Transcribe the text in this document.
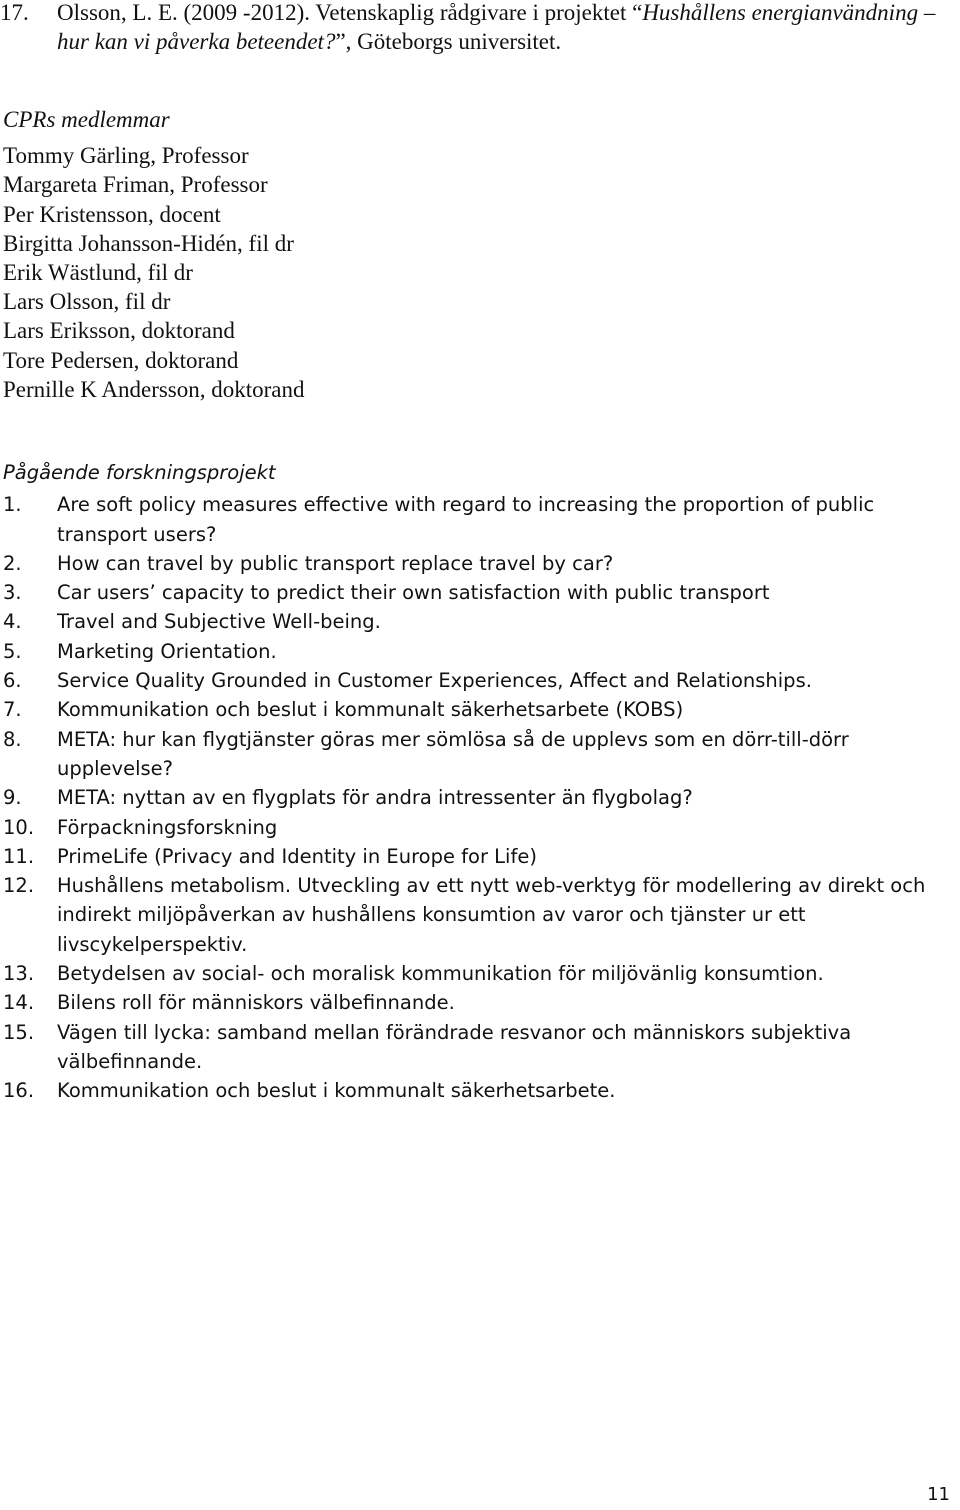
17. Olsson, L. E. (2009 -2012). Vetenskaplig rådgivare i projektet “Hushållens energianvändning – hur kan vi påverka beteendet?”, Göteborgs universitet.
CPRs medlemmar
Tommy Gärling, Professor
Margareta Friman, Professor
Per Kristensson, docent
Birgitta Johansson-Hidén, fil dr
Erik Wästlund, fil dr
Lars Olsson, fil dr
Lars Eriksson, doktorand
Tore Pedersen, doktorand
Pernille K Andersson, doktorand
Pågående forskningsprojekt
1. Are soft policy measures effective with regard to increasing the proportion of public transport users?
2. How can travel by public transport replace travel by car?
3. Car users’ capacity to predict their own satisfaction with public transport
4. Travel and Subjective Well-being.
5. Marketing Orientation.
6. Service Quality Grounded in Customer Experiences, Affect and Relationships.
7. Kommunikation och beslut i kommunalt säkerhetsarbete (KOBS)
8. META: hur kan flygtjänster göras mer sömlösa så de upplevs som en dörr-till-dörr upplevelse?
9. META: nyttan av en flygplats för andra intressenter än flygbolag?
10. Förpackningsforskning
11. PrimeLife (Privacy and Identity in Europe for Life)
12. Hushållens metabolism. Utveckling av ett nytt web-verktyg för modellering av direkt och indirekt miljöpåverkan av hushållens konsumtion av varor och tjänster ur ett livscykelperspektiv.
13. Betydelsen av social- och moralisk kommunikation för miljövänlig konsumtion.
14. Bilens roll för människors välbefinnande.
15. Vägen till lycka: samband mellan förändrade resvanor och människors subjektiva välbefinnande.
16. Kommunikation och beslut i kommunalt säkerhetsarbete.
11
